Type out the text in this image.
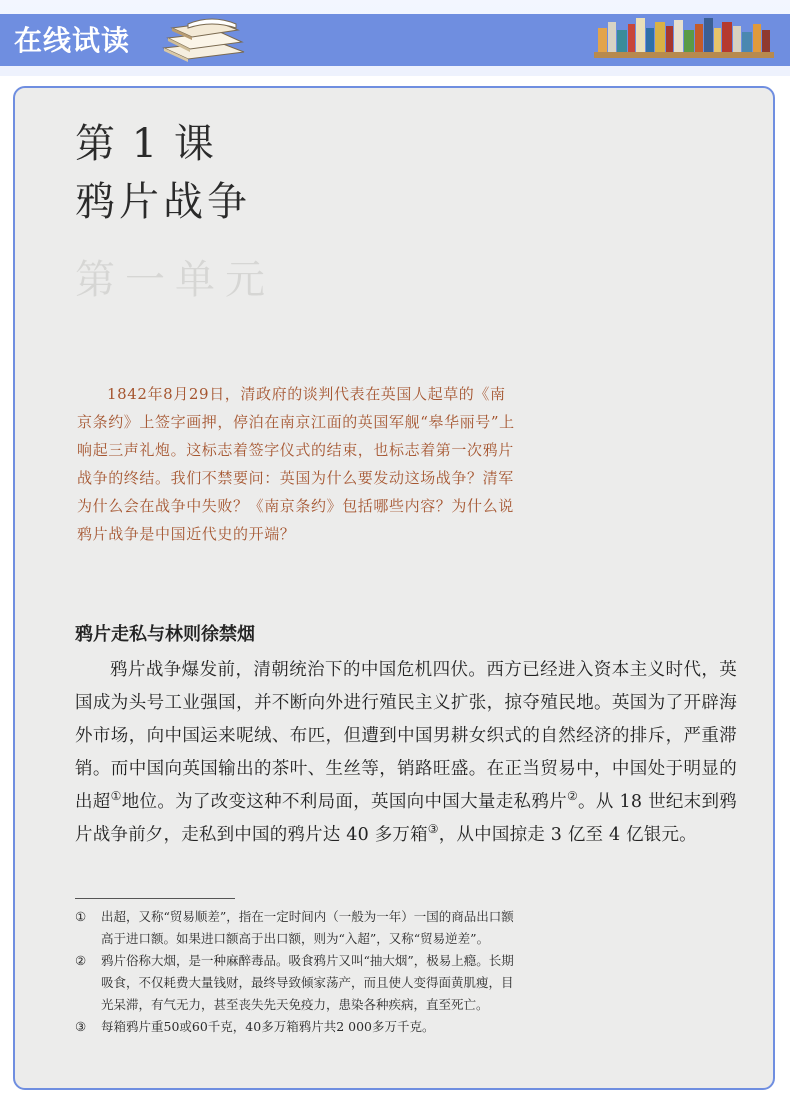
在线试读
第 1 课
鸦片战争
第一单元

1842年8月29日，清政府的谈判代表在英国人起草的《南京条约》上签字画押，停泊在南京江面的英国军舰“皋华丽号”上响起三声礼炮。这标志着签字仪式的结束，也标志着第一次鸦片战争的终结。我们不禁要问：英国为什么要发动这场战争？清军为什么会在战争中失败？《南京条约》包括哪些内容？为什么说鸦片战争是中国近代史的开端？

鸦片走私与林则徐禁烟

鸦片战争爆发前，清朝统治下的中国危机四伏。西方已经进入资本主义时代，英国成为头号工业强国，并不断向外进行殖民主义扩张，掠夺殖民地。英国为了开辟海外市场，向中国运来呢绒、布匹，但遭到中国男耕女织式的自然经济的排斥，严重滞销。而中国向英国输出的茶叶、生丝等，销路旺盛。在正当贸易中，中国处于明显的出超①地位。为了改变这种不利局面，英国向中国大量走私鸦片②。从 18 世纪末到鸦片战争前夕，走私到中国的鸦片达 40 多万箱③，从中国掠走 3 亿至 4 亿银元。

① 出超，又称“贸易顺差”，指在一定时间内（一般为一年）一国的商品出口额高于进口额。如果进口额高于出口额，则为“入超”，又称“贸易逆差”。

② 鸦片俗称大烟，是一种麻醉毒品。吸食鸦片又叫“抽大烟”，极易上瘾。长期吸食，不仅耗费大量钱财，最终导致倾家荡产，而且使人变得面黄肌瘦，目光呆滞，有气无力，甚至丧失先天免疫力，患染各种疾病，直至死亡。

③ 每箱鸦片重50或60千克，40多万箱鸦片共2 000多万千克。
